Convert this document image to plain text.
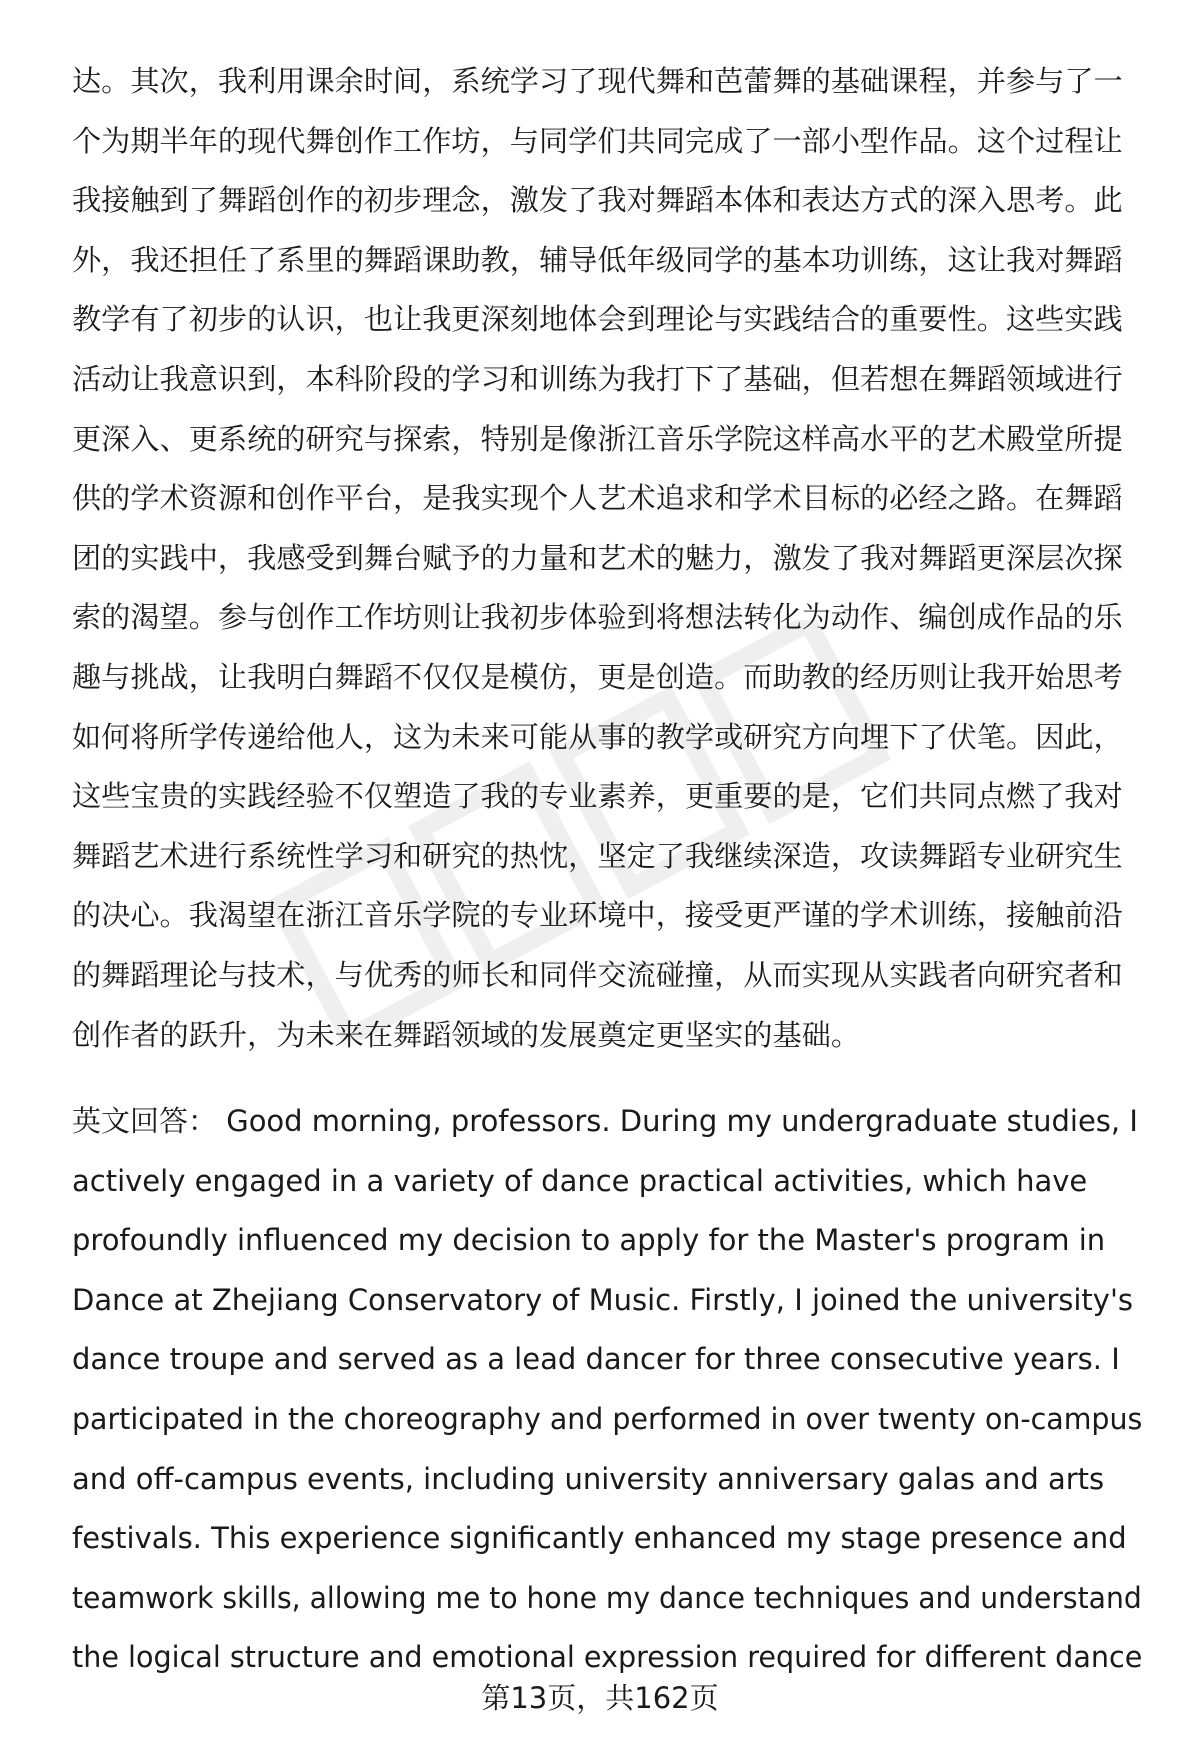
达。其次，我利用课余时间，系统学习了现代舞和芭蕾舞的基础课程，并参与了一
个为期半年的现代舞创作工作坊，与同学们共同完成了一部小型作品。这个过程让
我接触到了舞蹈创作的初步理念，激发了我对舞蹈本体和表达方式的深入思考。此
外，我还担任了系里的舞蹈课助教，辅导低年级同学的基本功训练，这让我对舞蹈
教学有了初步的认识，也让我更深刻地体会到理论与实践结合的重要性。这些实践
活动让我意识到，本科阶段的学习和训练为我打下了基础，但若想在舞蹈领域进行
更深入、更系统的研究与探索，特别是像浙江音乐学院这样高水平的艺术殿堂所提
供的学术资源和创作平台，是我实现个人艺术追求和学术目标的必经之路。在舞蹈
团的实践中，我感受到舞台赋予的力量和艺术的魅力，激发了我对舞蹈更深层次探
索的渴望。参与创作工作坊则让我初步体验到将想法转化为动作、编创成作品的乐
趣与挑战，让我明白舞蹈不仅仅是模仿，更是创造。而助教的经历则让我开始思考
如何将所学传递给他人，这为未来可能从事的教学或研究方向埋下了伏笔。因此，
这些宝贵的实践经验不仅塑造了我的专业素养，更重要的是，它们共同点燃了我对
舞蹈艺术进行系统性学习和研究的热忱，坚定了我继续深造，攻读舞蹈专业研究生
的决心。我渴望在浙江音乐学院的专业环境中，接受更严谨的学术训练，接触前沿
的舞蹈理论与技术，与优秀的师长和同伴交流碰撞，从而实现从实践者向研究者和
创作者的跃升，为未来在舞蹈领域的发展奠定更坚实的基础。
英文回答： Good morning, professors. During my undergraduate studies, I
actively engaged in a variety of dance practical activities, which have
profoundly influenced my decision to apply for the Master's program in
Dance at Zhejiang Conservatory of Music. Firstly, I joined the university's
dance troupe and served as a lead dancer for three consecutive years. I
participated in the choreography and performed in over twenty on-campus
and off-campus events, including university anniversary galas and arts
festivals. This experience significantly enhanced my stage presence and
teamwork skills, allowing me to hone my dance techniques and understand
the logical structure and emotional expression required for different dance
第13页，共162页
